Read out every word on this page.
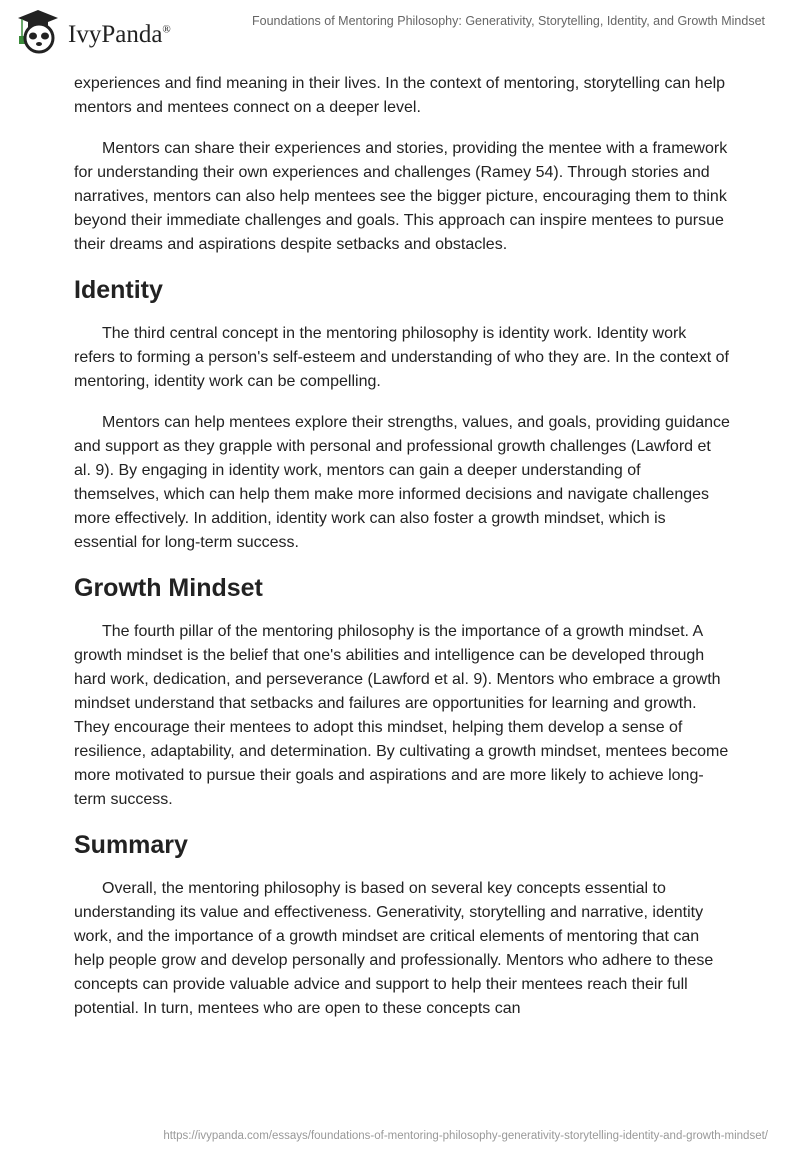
IvyPanda®
Foundations of Mentoring Philosophy: Generativity, Storytelling, Identity, and Growth Mindset

experiences and find meaning in their lives. In the context of mentoring, storytelling can help mentors and mentees connect on a deeper level.

Mentors can share their experiences and stories, providing the mentee with a framework for understanding their own experiences and challenges (Ramey 54). Through stories and narratives, mentors can also help mentees see the bigger picture, encouraging them to think beyond their immediate challenges and goals. This approach can inspire mentees to pursue their dreams and aspirations despite setbacks and obstacles.

Identity

The third central concept in the mentoring philosophy is identity work. Identity work refers to forming a person's self-esteem and understanding of who they are. In the context of mentoring, identity work can be compelling.

Mentors can help mentees explore their strengths, values, and goals, providing guidance and support as they grapple with personal and professional growth challenges (Lawford et al. 9). By engaging in identity work, mentors can gain a deeper understanding of themselves, which can help them make more informed decisions and navigate challenges more effectively. In addition, identity work can also foster a growth mindset, which is essential for long-term success.

Growth Mindset

The fourth pillar of the mentoring philosophy is the importance of a growth mindset. A growth mindset is the belief that one's abilities and intelligence can be developed through hard work, dedication, and perseverance (Lawford et al. 9). Mentors who embrace a growth mindset understand that setbacks and failures are opportunities for learning and growth. They encourage their mentees to adopt this mindset, helping them develop a sense of resilience, adaptability, and determination. By cultivating a growth mindset, mentees become more motivated to pursue their goals and aspirations and are more likely to achieve long-term success.

Summary

Overall, the mentoring philosophy is based on several key concepts essential to understanding its value and effectiveness. Generativity, storytelling and narrative, identity work, and the importance of a growth mindset are critical elements of mentoring that can help people grow and develop personally and professionally. Mentors who adhere to these concepts can provide valuable advice and support to help their mentees reach their full potential. In turn, mentees who are open to these concepts can

https://ivypanda.com/essays/foundations-of-mentoring-philosophy-generativity-storytelling-identity-and-growth-mindset/
